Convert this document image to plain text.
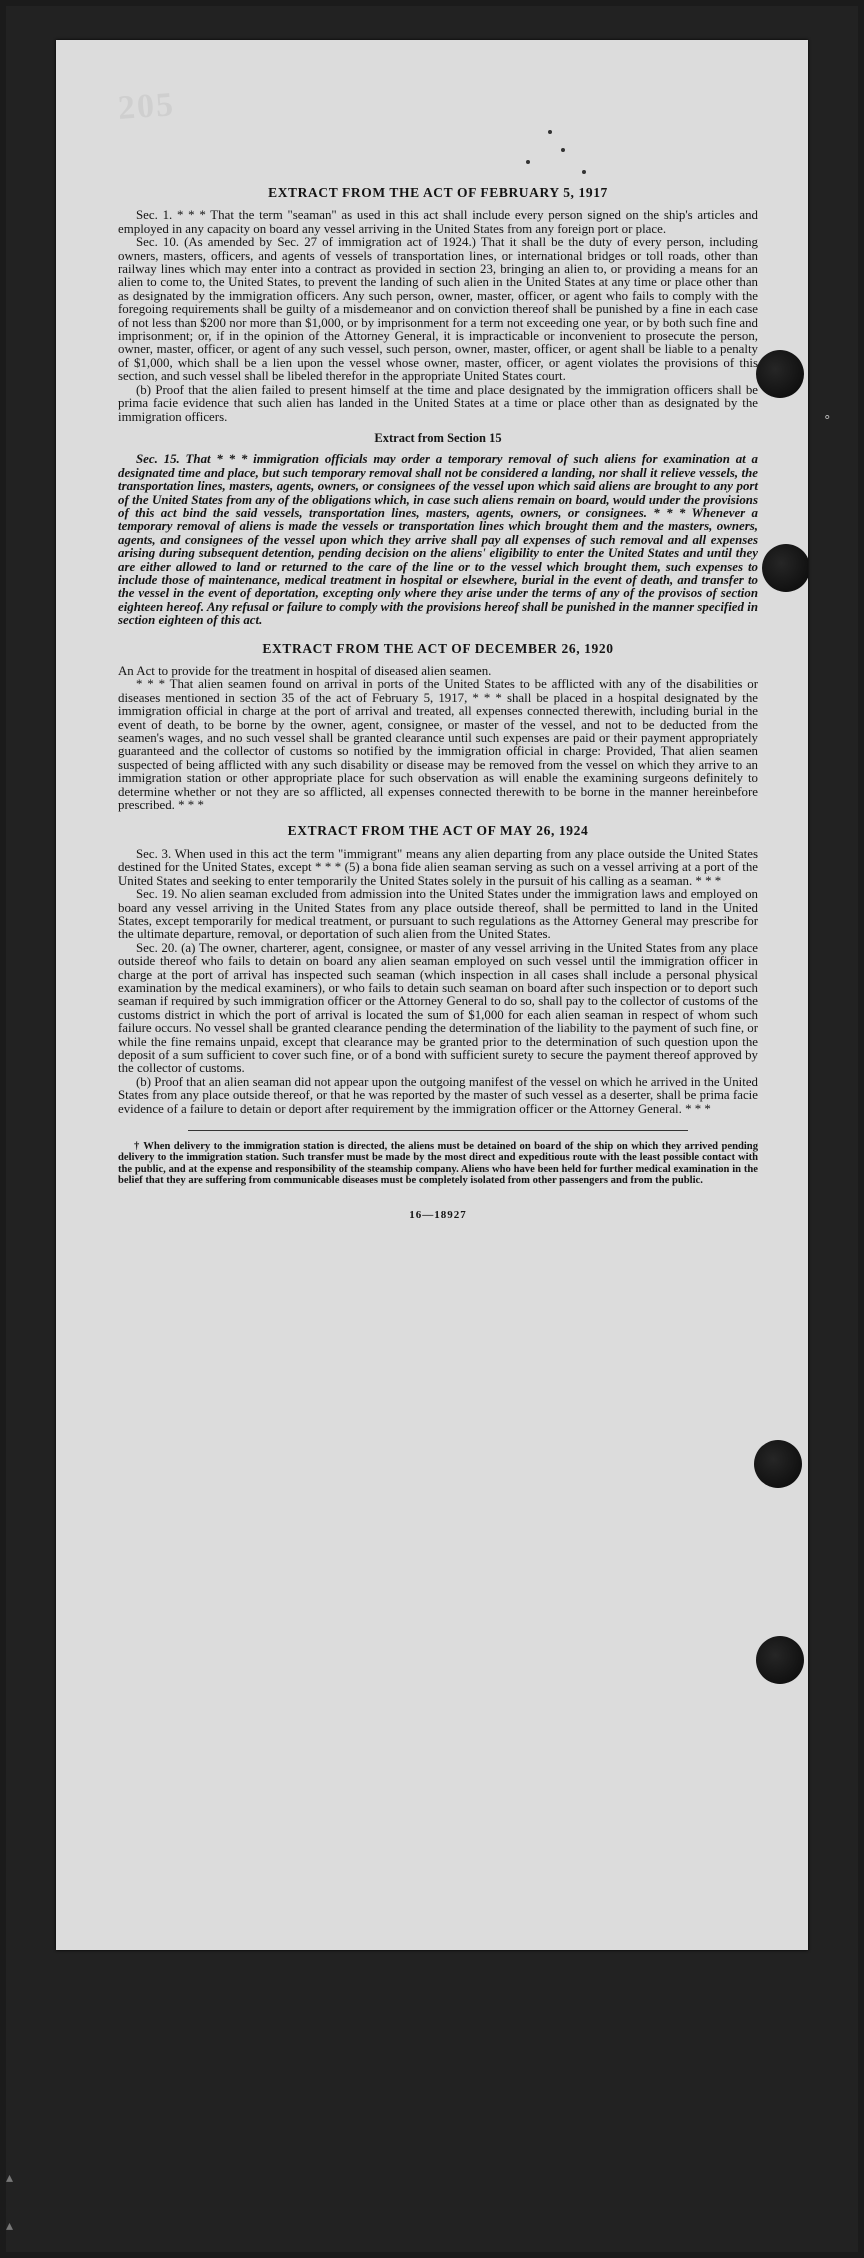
205
EXTRACT FROM THE ACT OF FEBRUARY 5, 1917

Sec. 1. * * * That the term "seaman" as used in this act shall include every person signed on the ship's articles and employed in any capacity on board any vessel arriving in the United States from any foreign port or place.

Sec. 10. (As amended by Sec. 27 of immigration act of 1924.) That it shall be the duty of every person, including owners, masters, officers, and agents of vessels of transportation lines, or international bridges or toll roads, other than railway lines which may enter into a contract as provided in section 23, bringing an alien to, or providing a means for an alien to come to, the United States, to prevent the landing of such alien in the United States at any time or place other than as designated by the immigration officers. Any such person, owner, master, officer, or agent who fails to comply with the foregoing requirements shall be guilty of a misdemeanor and on conviction thereof shall be punished by a fine in each case of not less than $200 nor more than $1,000, or by imprisonment for a term not exceeding one year, or by both such fine and imprisonment; or, if in the opinion of the Attorney General, it is impracticable or inconvenient to prosecute the person, owner, master, officer, or agent of any such vessel, such person, owner, master, officer, or agent shall be liable to a penalty of $1,000, which shall be a lien upon the vessel whose owner, master, officer, or agent violates the provisions of this section, and such vessel shall be libeled therefor in the appropriate United States court.

(b) Proof that the alien failed to present himself at the time and place designated by the immigration officers shall be prima facie evidence that such alien has landed in the United States at a time or place other than as designated by the immigration officers.

Extract from Section 15

Sec. 15. That * * * immigration officials may order a temporary removal of such aliens for examination at a designated time and place, but such temporary removal shall not be considered a landing, nor shall it relieve vessels, the transportation lines, masters, agents, owners, or consignees of the vessel upon which said aliens are brought to any port of the United States from any of the obligations which, in case such aliens remain on board, would under the provisions of this act bind the said vessels, transportation lines, masters, agents, owners, or consignees. * * * Whenever a temporary removal of aliens is made the vessels or transportation lines which brought them and the masters, owners, agents, and consignees of the vessel upon which they arrive shall pay all expenses of such removal and all expenses arising during subsequent detention, pending decision on the aliens' eligibility to enter the United States and until they are either allowed to land or returned to the care of the line or to the vessel which brought them, such expenses to include those of maintenance, medical treatment in hospital or elsewhere, burial in the event of death, and transfer to the vessel in the event of deportation, excepting only where they arise under the terms of any of the provisos of section eighteen hereof. Any refusal or failure to comply with the provisions hereof shall be punished in the manner specified in section eighteen of this act.

EXTRACT FROM THE ACT OF DECEMBER 26, 1920

An Act to provide for the treatment in hospital of diseased alien seamen.

* * * That alien seamen found on arrival in ports of the United States to be afflicted with any of the disabilities or diseases mentioned in section 35 of the act of February 5, 1917, * * * shall be placed in a hospital designated by the immigration official in charge at the port of arrival and treated, all expenses connected therewith, including burial in the event of death, to be borne by the owner, agent, consignee, or master of the vessel, and not to be deducted from the seamen's wages, and no such vessel shall be granted clearance until such expenses are paid or their payment appropriately guaranteed and the collector of customs so notified by the immigration official in charge: Provided, That alien seamen suspected of being afflicted with any such disability or disease may be removed from the vessel on which they arrive to an immigration station or other appropriate place for such observation as will enable the examining surgeons definitely to determine whether or not they are so afflicted, all expenses connected therewith to be borne in the manner hereinbefore prescribed. * * *

EXTRACT FROM THE ACT OF MAY 26, 1924

Sec. 3. When used in this act the term "immigrant" means any alien departing from any place outside the United States destined for the United States, except * * * (5) a bona fide alien seaman serving as such on a vessel arriving at a port of the United States and seeking to enter temporarily the United States solely in the pursuit of his calling as a seaman. * * *

Sec. 19. No alien seaman excluded from admission into the United States under the immigration laws and employed on board any vessel arriving in the United States from any place outside thereof, shall be permitted to land in the United States, except temporarily for medical treatment, or pursuant to such regulations as the Attorney General may prescribe for the ultimate departure, removal, or deportation of such alien from the United States.

Sec. 20. (a) The owner, charterer, agent, consignee, or master of any vessel arriving in the United States from any place outside thereof who fails to detain on board any alien seaman employed on such vessel until the immigration officer in charge at the port of arrival has inspected such seaman (which inspection in all cases shall include a personal physical examination by the medical examiners), or who fails to detain such seaman on board after such inspection or to deport such seaman if required by such immigration officer or the Attorney General to do so, shall pay to the collector of customs of the customs district in which the port of arrival is located the sum of $1,000 for each alien seaman in respect of whom such failure occurs. No vessel shall be granted clearance pending the determination of the liability to the payment of such fine, or while the fine remains unpaid, except that clearance may be granted prior to the determination of such question upon the deposit of a sum sufficient to cover such fine, or of a bond with sufficient surety to secure the payment thereof approved by the collector of customs.

(b) Proof that an alien seaman did not appear upon the outgoing manifest of the vessel on which he arrived in the United States from any place outside thereof, or that he was reported by the master of such vessel as a deserter, shall be prima facie evidence of a failure to detain or deport after requirement by the immigration officer or the Attorney General. * * *

† When delivery to the immigration station is directed, the aliens must be detained on board of the ship on which they arrived pending delivery to the immigration station. Such transfer must be made by the most direct and expeditious route with the least possible contact with the public, and at the expense and responsibility of the steamship company. Aliens who have been held for further medical examination in the belief that they are suffering from communicable diseases must be completely isolated from other passengers and from the public.

16—18927
°
▴

▴
